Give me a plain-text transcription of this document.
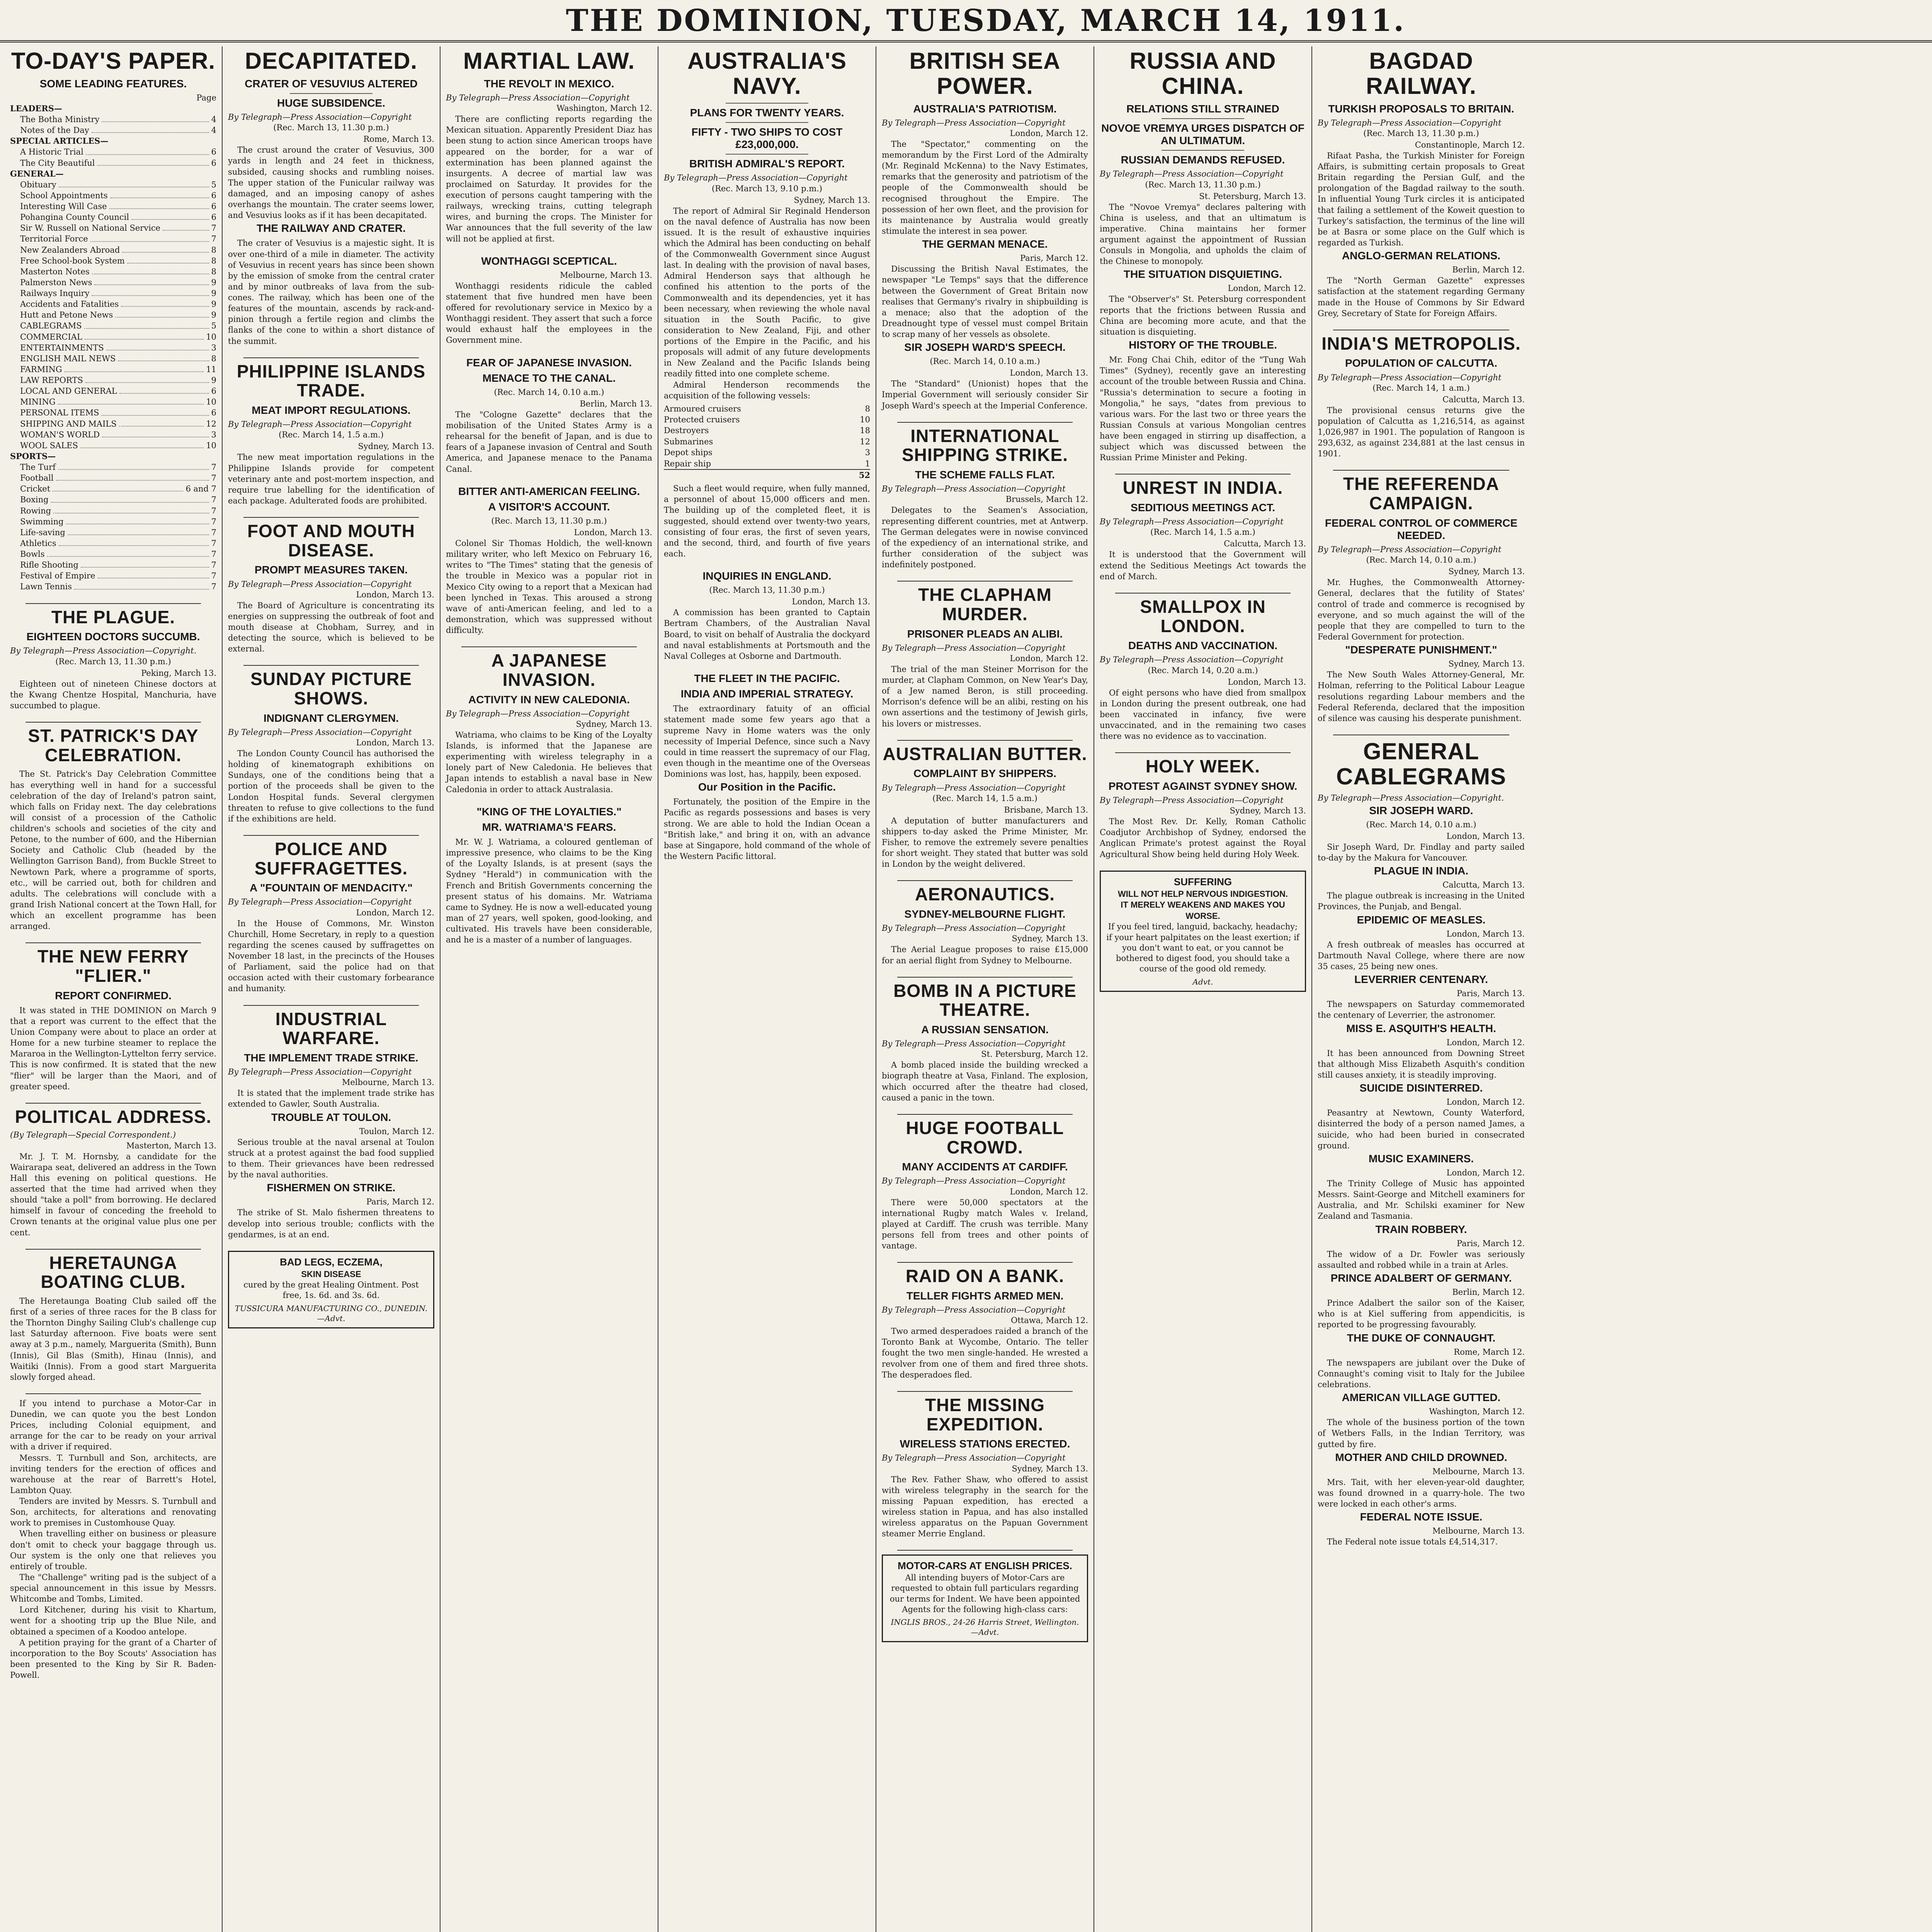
THE DOMINION, TUESDAY, MARCH 14, 1911.
TO-DAY'S PAPER.
SOME LEADING FEATURES.
Page
LEADERS—
The Botha Ministry	4
Notes of the Day	4
SPECIAL ARTICLES—
A Historic Trial	6
The City Beautiful	6
GENERAL—
Obituary	5
School Appointments	6
Interesting Will Case	6
Pohangina County Council	6
Sir W. Russell on National Service	7
Territorial Force	7
New Zealanders Abroad	8
Free School-book System	8
Masterton Notes	8
Palmerston News	9
Railways Inquiry	9
Accidents and Fatalities	9
Hutt and Petone News	9
CABLEGRAMS	5
COMMERCIAL	10
ENTERTAINMENTS	3
ENGLISH MAIL NEWS	8
FARMING	11
LAW REPORTS	9
LOCAL AND GENERAL	6
MINING	10
PERSONAL ITEMS	6
SHIPPING AND MAILS	12
WOMAN'S WORLD	3
WOOL SALES	10
SPORTS—
The Turf	7
Football	7
Cricket	6 and 7
Boxing	7
Rowing	7
Swimming	7
Life-saving	7
Athletics	7
Bowls	7
Rifle Shooting	7
Festival of Empire	7
Lawn Tennis	7
THE PLAGUE.
EIGHTEEN DOCTORS SUCCUMB.
By Telegraph—Press Association—Copyright.
(Rec. March 13, 11.30 p.m.)
Peking, March 13.

Eighteen out of nineteen Chinese doctors at the Kwang Chentze Hospital, Manchuria, have succumbed to plague.

ST. PATRICK'S DAY CELEBRATION.

The St. Patrick's Day Celebration Committee has everything well in hand for a successful celebration of the day of Ireland's patron saint, which falls on Friday next. The day celebrations will consist of a procession of the Catholic children's schools and societies of the city and Petone, to the number of 600, and the Hibernian Society and Catholic Club (headed by the Wellington Garrison Band), from Buckle Street to Newtown Park, where a programme of sports, etc., will be carried out, both for children and adults. The celebrations will conclude with a grand Irish National concert at the Town Hall, for which an excellent programme has been arranged.

THE NEW FERRY "FLIER."
REPORT CONFIRMED.

It was stated in THE DOMINION on March 9 that a report was current to the effect that the Union Company were about to place an order at Home for a new turbine steamer to replace the Mararoa in the Wellington-Lyttelton ferry service. This is now confirmed. It is stated that the new "flier" will be larger than the Maori, and of greater speed.

POLITICAL ADDRESS.
(By Telegraph—Special Correspondent.)
Masterton, March 13.

Mr. J. T. M. Hornsby, a candidate for the Wairarapa seat, delivered an address in the Town Hall this evening on political questions. He asserted that the time had arrived when they should "take a poll" from borrowing. He declared himself in favour of conceding the freehold to Crown tenants at the original value plus one per cent.

HERETAUNGA BOATING CLUB.

The Heretaunga Boating Club sailed off the first of a series of three races for the B class for the Thornton Dinghy Sailing Club's challenge cup last Saturday afternoon. Five boats were sent away at 3 p.m., namely, Marguerita (Smith), Bunn (Innis), Gil Blas (Smith), Hinau (Innis), and Waitiki (Innis). From a good start Marguerita slowly forged ahead.

If you intend to purchase a Motor-Car in Dunedin, we can quote you the best London Prices, including Colonial equipment, and arrange for the car to be ready on your arrival with a driver if required.

Messrs. T. Turnbull and Son, architects, are inviting tenders for the erection of offices and warehouse at the rear of Barrett's Hotel, Lambton Quay.

Tenders are invited by Messrs. S. Turnbull and Son, architects, for alterations and renovating work to premises in Customhouse Quay.

When travelling either on business or pleasure don't omit to check your baggage through us. Our system is the only one that relieves you entirely of trouble.

The "Challenge" writing pad is the subject of a special announcement in this issue by Messrs. Whitcombe and Tombs, Limited.

Lord Kitchener, during his visit to Khartum, went for a shooting trip up the Blue Nile, and obtained a specimen of a Koodoo antelope.

A petition praying for the grant of a Charter of incorporation to the Boy Scouts' Association has been presented to the King by Sir R. Baden-Powell.

DECAPITATED.
CRATER OF VESUVIUS ALTERED
HUGE SUBSIDENCE.
By Telegraph—Press Association—Copyright
(Rec. March 13, 11.30 p.m.)
Rome, March 13.

The crust around the crater of Vesuvius, 300 yards in length and 24 feet in thickness, subsided, causing shocks and rumbling noises. The upper station of the Funicular railway was damaged, and an imposing canopy of ashes overhangs the mountain. The crater seems lower, and Vesuvius looks as if it has been decapitated.

THE RAILWAY AND CRATER.

The crater of Vesuvius is a majestic sight. It is over one-third of a mile in diameter. The activity of Vesuvius in recent years has since been shown by the emission of smoke from the central crater and by minor outbreaks of lava from the sub-cones. The railway, which has been one of the features of the mountain, ascends by rack-and-pinion through a fertile region and climbs the flanks of the cone to within a short distance of the summit.

PHILIPPINE ISLANDS TRADE.
MEAT IMPORT REGULATIONS.
By Telegraph—Press Association—Copyright
(Rec. March 14, 1.5 a.m.)
Sydney, March 13.

The new meat importation regulations in the Philippine Islands provide for competent veterinary ante and post-mortem inspection, and require true labelling for the identification of each package. Adulterated foods are prohibited.

FOOT AND MOUTH DISEASE.
PROMPT MEASURES TAKEN.
By Telegraph—Press Association—Copyright
London, March 13.

The Board of Agriculture is concentrating its energies on suppressing the outbreak of foot and mouth disease at Chobham, Surrey, and in detecting the source, which is believed to be external.

SUNDAY PICTURE SHOWS.
INDIGNANT CLERGYMEN.
By Telegraph—Press Association—Copyright
London, March 13.

The London County Council has authorised the holding of kinematograph exhibitions on Sundays, one of the conditions being that a portion of the proceeds shall be given to the London Hospital funds. Several clergymen threaten to refuse to give collections to the fund if the exhibitions are held.

POLICE AND SUFFRAGETTES.
A "FOUNTAIN OF MENDACITY."
By Telegraph—Press Association—Copyright
London, March 12.

In the House of Commons, Mr. Winston Churchill, Home Secretary, in reply to a question regarding the scenes caused by suffragettes on November 18 last, in the precincts of the Houses of Parliament, said the police had on that occasion acted with their customary forbearance and humanity.

INDUSTRIAL WARFARE.
THE IMPLEMENT TRADE STRIKE.
By Telegraph—Press Association—Copyright
Melbourne, March 13.

It is stated that the implement trade strike has extended to Gawler, South Australia.

TROUBLE AT TOULON.
Toulon, March 12.

Serious trouble at the naval arsenal at Toulon struck at a protest against the bad food supplied to them. Their grievances have been redressed by the naval authorities.

FISHERMEN ON STRIKE.
Paris, March 12.

The strike of St. Malo fishermen threatens to develop into serious trouble; conflicts with the gendarmes, is at an end.

BAD LEGS, ECZEMA,
SKIN DISEASE
cured by the great Healing Ointment. Post free, 1s. 6d. and 3s. 6d.
TUSSICURA MANUFACTURING CO., DUNEDIN.—Advt.
MARTIAL LAW.
THE REVOLT IN MEXICO.
By Telegraph—Press Association—Copyright
Washington, March 12.

There are conflicting reports regarding the Mexican situation. Apparently President Diaz has been stung to action since American troops have appeared on the border, for a war of extermination has been planned against the insurgents. A decree of martial law was proclaimed on Saturday. It provides for the execution of persons caught tampering with the railways, wrecking trains, cutting telegraph wires, and burning the crops. The Minister for War announces that the full severity of the law will not be applied at first.

WONTHAGGI SCEPTICAL.
Melbourne, March 13.

Wonthaggi residents ridicule the cabled statement that five hundred men have been offered for revolutionary service in Mexico by a Wonthaggi resident. They assert that such a force would exhaust half the employees in the Government mine.

FEAR OF JAPANESE INVASION.
MENACE TO THE CANAL.
(Rec. March 14, 0.10 a.m.)
Berlin, March 13.

The "Cologne Gazette" declares that the mobilisation of the United States Army is a rehearsal for the benefit of Japan, and is due to fears of a Japanese invasion of Central and South America, and Japanese menace to the Panama Canal.

BITTER ANTI-AMERICAN FEELING.
A VISITOR'S ACCOUNT.
(Rec. March 13, 11.30 p.m.)
London, March 13.

Colonel Sir Thomas Holdich, the well-known military writer, who left Mexico on February 16, writes to "The Times" stating that the genesis of the trouble in Mexico was a popular riot in Mexico City owing to a report that a Mexican had been lynched in Texas. This aroused a strong wave of anti-American feeling, and led to a demonstration, which was suppressed without difficulty.

A JAPANESE INVASION.
ACTIVITY IN NEW CALEDONIA.
By Telegraph—Press Association—Copyright
Sydney, March 13.

Watriama, who claims to be King of the Loyalty Islands, is informed that the Japanese are experimenting with wireless telegraphy in a lonely part of New Caledonia. He believes that Japan intends to establish a naval base in New Caledonia in order to attack Australasia.

"KING OF THE LOYALTIES."
MR. WATRIAMA'S FEARS.

Mr. W. J. Watriama, a coloured gentleman of impressive presence, who claims to be the King of the Loyalty Islands, is at present (says the Sydney "Herald") in communication with the French and British Governments concerning the present status of his domains. Mr. Watriama came to Sydney. He is now a well-educated young man of 27 years, well spoken, good-looking, and cultivated. His travels have been considerable, and he is a master of a number of languages.

AUSTRALIA'S NAVY.
PLANS FOR TWENTY YEARS.
FIFTY - TWO SHIPS TO COST £23,000,000.
BRITISH ADMIRAL'S REPORT.
By Telegraph—Press Association—Copyright
(Rec. March 13, 9.10 p.m.)
Sydney, March 13.

The report of Admiral Sir Reginald Henderson on the naval defence of Australia has now been issued. It is the result of exhaustive inquiries which the Admiral has been conducting on behalf of the Commonwealth Government since August last. In dealing with the provision of naval bases, Admiral Henderson says that although he confined his attention to the ports of the Commonwealth and its dependencies, yet it has been necessary, when reviewing the whole naval situation in the South Pacific, to give consideration to New Zealand, Fiji, and other portions of the Empire in the Pacific, and his proposals will admit of any future developments in New Zealand and the Pacific Islands being readily fitted into one complete scheme.

Admiral Henderson recommends the acquisition of the following vessels:

Armoured cruisers	8
Protected cruisers	10
Destroyers	18
Submarines	12
Depot ships	3
Repair ship	1
	52

Such a fleet would require, when fully manned, a personnel of about 15,000 officers and men. The building up of the completed fleet, it is suggested, should extend over twenty-two years, consisting of four eras, the first of seven years, and the second, third, and fourth of five years each.

INQUIRIES IN ENGLAND.
(Rec. March 13, 11.30 p.m.)
London, March 13.

A commission has been granted to Captain Bertram Chambers, of the Australian Naval Board, to visit on behalf of Australia the dockyard and naval establishments at Portsmouth and the Naval Colleges at Osborne and Dartmouth.

THE FLEET IN THE PACIFIC.
INDIA AND IMPERIAL STRATEGY.

The extraordinary fatuity of an official statement made some few years ago that a supreme Navy in Home waters was the only necessity of Imperial Defence, since such a Navy could in time reassert the supremacy of our Flag, even though in the meantime one of the Overseas Dominions was lost, has, happily, been exposed.

Our Position in the Pacific.

Fortunately, the position of the Empire in the Pacific as regards possessions and bases is very strong. We are able to hold the Indian Ocean a "British lake," and bring it on, with an advance base at Singapore, hold command of the whole of the Western Pacific littoral.

BRITISH SEA POWER.
AUSTRALIA'S PATRIOTISM.
By Telegraph—Press Association—Copyright
London, March 12.

The "Spectator," commenting on the memorandum by the First Lord of the Admiralty (Mr. Reginald McKenna) to the Navy Estimates, remarks that the generosity and patriotism of the people of the Commonwealth should be recognised throughout the Empire. The possession of her own fleet, and the provision for its maintenance by Australia would greatly stimulate the interest in sea power.

THE GERMAN MENACE.
Paris, March 12.

Discussing the British Naval Estimates, the newspaper "Le Temps" says that the difference between the Government of Great Britain now realises that Germany's rivalry in shipbuilding is a menace; also that the adoption of the Dreadnought type of vessel must compel Britain to scrap many of her vessels as obsolete.

SIR JOSEPH WARD'S SPEECH.
(Rec. March 14, 0.10 a.m.)
London, March 13.

The "Standard" (Unionist) hopes that the Imperial Government will seriously consider Sir Joseph Ward's speech at the Imperial Conference.

INTERNATIONAL SHIPPING STRIKE.
THE SCHEME FALLS FLAT.
By Telegraph—Press Association—Copyright
Brussels, March 12.

Delegates to the Seamen's Association, representing different countries, met at Antwerp. The German delegates were in nowise convinced of the expediency of an international strike, and further consideration of the subject was indefinitely postponed.

THE CLAPHAM MURDER.
PRISONER PLEADS AN ALIBI.
By Telegraph—Press Association—Copyright
London, March 12.

The trial of the man Steiner Morrison for the murder, at Clapham Common, on New Year's Day, of a Jew named Beron, is still proceeding. Morrison's defence will be an alibi, resting on his own assertions and the testimony of Jewish girls, his lovers or mistresses.

AUSTRALIAN BUTTER.
COMPLAINT BY SHIPPERS.
By Telegraph—Press Association—Copyright
(Rec. March 14, 1.5 a.m.)
Brisbane, March 13.

A deputation of butter manufacturers and shippers to-day asked the Prime Minister, Mr. Fisher, to remove the extremely severe penalties for short weight. They stated that butter was sold in London by the weight delivered.

AERONAUTICS.
SYDNEY-MELBOURNE FLIGHT.
By Telegraph—Press Association—Copyright
Sydney, March 13.

The Aerial League proposes to raise £15,000 for an aerial flight from Sydney to Melbourne.

BOMB IN A PICTURE THEATRE.
A RUSSIAN SENSATION.
By Telegraph—Press Association—Copyright
St. Petersburg, March 12.

A bomb placed inside the building wrecked a biograph theatre at Vasa, Finland. The explosion, which occurred after the theatre had closed, caused a panic in the town.

HUGE FOOTBALL CROWD.
MANY ACCIDENTS AT CARDIFF.
By Telegraph—Press Association—Copyright
London, March 12.

There were 50,000 spectators at the international Rugby match Wales v. Ireland, played at Cardiff. The crush was terrible. Many persons fell from trees and other points of vantage.

RAID ON A BANK.
TELLER FIGHTS ARMED MEN.
By Telegraph—Press Association—Copyright
Ottawa, March 12.

Two armed desperadoes raided a branch of the Toronto Bank at Wycombe, Ontario. The teller fought the two men single-handed. He wrested a revolver from one of them and fired three shots. The desperadoes fled.

THE MISSING EXPEDITION.
WIRELESS STATIONS ERECTED.
By Telegraph—Press Association—Copyright
Sydney, March 13.

The Rev. Father Shaw, who offered to assist with wireless telegraphy in the search for the missing Papuan expedition, has erected a wireless station in Papua, and has also installed wireless apparatus on the Papuan Government steamer Merrie England.

MOTOR-CARS AT ENGLISH PRICES.
All intending buyers of Motor-Cars are requested to obtain full particulars regarding our terms for Indent. We have been appointed Agents for the following high-class cars:
INGLIS BROS., 24-26 Harris Street, Wellington.—Advt.
RUSSIA AND CHINA.
RELATIONS STILL STRAINED
NOVOE VREMYA URGES DISPATCH OF AN ULTIMATUM.
RUSSIAN DEMANDS REFUSED.
By Telegraph—Press Association—Copyright
(Rec. March 13, 11.30 p.m.)
St. Petersburg, March 13.

The "Novoe Vremya" declares paltering with China is useless, and that an ultimatum is imperative. China maintains her former argument against the appointment of Russian Consuls in Mongolia, and upholds the claim of the Chinese to monopoly.

THE SITUATION DISQUIETING.
London, March 12.

The "Observer's" St. Petersburg correspondent reports that the frictions between Russia and China are becoming more acute, and that the situation is disquieting.

HISTORY OF THE TROUBLE.

Mr. Fong Chai Chih, editor of the "Tung Wah Times" (Sydney), recently gave an interesting account of the trouble between Russia and China. "Russia's determination to secure a footing in Mongolia," he says, "dates from previous to various wars. For the last two or three years the Russian Consuls at various Mongolian centres have been engaged in stirring up disaffection, a subject which was discussed between the Russian Prime Minister and Peking.

UNREST IN INDIA.
SEDITIOUS MEETINGS ACT.
By Telegraph—Press Association—Copyright
(Rec. March 14, 1.5 a.m.)
Calcutta, March 13.

It is understood that the Government will extend the Seditious Meetings Act towards the end of March.

SMALLPOX IN LONDON.
DEATHS AND VACCINATION.
By Telegraph—Press Association—Copyright
(Rec. March 14, 0.20 a.m.)
London, March 13.

Of eight persons who have died from smallpox in London during the present outbreak, one had been vaccinated in infancy, five were unvaccinated, and in the remaining two cases there was no evidence as to vaccination.

HOLY WEEK.
PROTEST AGAINST SYDNEY SHOW.
By Telegraph—Press Association—Copyright
Sydney, March 13.

The Most Rev. Dr. Kelly, Roman Catholic Coadjutor Archbishop of Sydney, endorsed the Anglican Primate's protest against the Royal Agricultural Show being held during Holy Week.

SUFFERING
WILL NOT HELP NERVOUS INDIGESTION.
IT MERELY WEAKENS AND MAKES YOU WORSE.
If you feel tired, languid, backachy, headachy; if your heart palpitates on the least exertion; if you don't want to eat, or you cannot be bothered to digest food, you should take a course of the good old remedy.
Advt.
BAGDAD RAILWAY.
TURKISH PROPOSALS TO BRITAIN.
By Telegraph—Press Association—Copyright
(Rec. March 13, 11.30 p.m.)
Constantinople, March 12.

Rifaat Pasha, the Turkish Minister for Foreign Affairs, is submitting certain proposals to Great Britain regarding the Persian Gulf, and the prolongation of the Bagdad railway to the south. In influential Young Turk circles it is anticipated that failing a settlement of the Koweit question to Turkey's satisfaction, the terminus of the line will be at Basra or some place on the Gulf which is regarded as Turkish.

ANGLO-GERMAN RELATIONS.
Berlin, March 12.

The "North German Gazette" expresses satisfaction at the statement regarding Germany made in the House of Commons by Sir Edward Grey, Secretary of State for Foreign Affairs.

INDIA'S METROPOLIS.
POPULATION OF CALCUTTA.
By Telegraph—Press Association—Copyright
(Rec. March 14, 1 a.m.)
Calcutta, March 13.

The provisional census returns give the population of Calcutta as 1,216,514, as against 1,026,987 in 1901. The population of Rangoon is 293,632, as against 234,881 at the last census in 1901.

THE REFERENDA CAMPAIGN.
FEDERAL CONTROL OF COMMERCE NEEDED.
By Telegraph—Press Association—Copyright
(Rec. March 14, 0.10 a.m.)
Sydney, March 13.

Mr. Hughes, the Commonwealth Attorney-General, declares that the futility of States' control of trade and commerce is recognised by everyone, and so much against the will of the people that they are compelled to turn to the Federal Government for protection.

"DESPERATE PUNISHMENT."
Sydney, March 13.

The New South Wales Attorney-General, Mr. Holman, referring to the Political Labour League resolutions regarding Labour members and the Federal Referenda, declared that the imposition of silence was causing his desperate punishment.

GENERAL CABLEGRAMS
By Telegraph—Press Association—Copyright.
SIR JOSEPH WARD.
(Rec. March 14, 0.10 a.m.)
London, March 13.

Sir Joseph Ward, Dr. Findlay and party sailed to-day by the Makura for Vancouver.

PLAGUE IN INDIA.
Calcutta, March 13.

The plague outbreak is increasing in the United Provinces, the Punjab, and Bengal.

EPIDEMIC OF MEASLES.
London, March 13.

A fresh outbreak of measles has occurred at Dartmouth Naval College, where there are now 35 cases, 25 being new ones.

LEVERRIER CENTENARY.
Paris, March 13.

The newspapers on Saturday commemorated the centenary of Leverrier, the astronomer.

MISS E. ASQUITH'S HEALTH.
London, March 12.

It has been announced from Downing Street that although Miss Elizabeth Asquith's condition still causes anxiety, it is steadily improving.

SUICIDE DISINTERRED.
London, March 12.

Peasantry at Newtown, County Waterford, disinterred the body of a person named James, a suicide, who had been buried in consecrated ground.

MUSIC EXAMINERS.
London, March 12.

The Trinity College of Music has appointed Messrs. Saint-George and Mitchell examiners for Australia, and Mr. Schilski examiner for New Zealand and Tasmania.

TRAIN ROBBERY.
Paris, March 12.

The widow of a Dr. Fowler was seriously assaulted and robbed while in a train at Arles.

PRINCE ADALBERT OF GERMANY.
Berlin, March 12.

Prince Adalbert the sailor son of the Kaiser, who is at Kiel suffering from appendicitis, is reported to be progressing favourably.

THE DUKE OF CONNAUGHT.
Rome, March 12.

The newspapers are jubilant over the Duke of Connaught's coming visit to Italy for the Jubilee celebrations.

AMERICAN VILLAGE GUTTED.
Washington, March 12.

The whole of the business portion of the town of Wetbers Falls, in the Indian Territory, was gutted by fire.

MOTHER AND CHILD DROWNED.
Melbourne, March 13.

Mrs. Tait, with her eleven-year-old daughter, was found drowned in a quarry-hole. The two were locked in each other's arms.

FEDERAL NOTE ISSUE.
Melbourne, March 13.

The Federal note issue totals £4,514,317.
